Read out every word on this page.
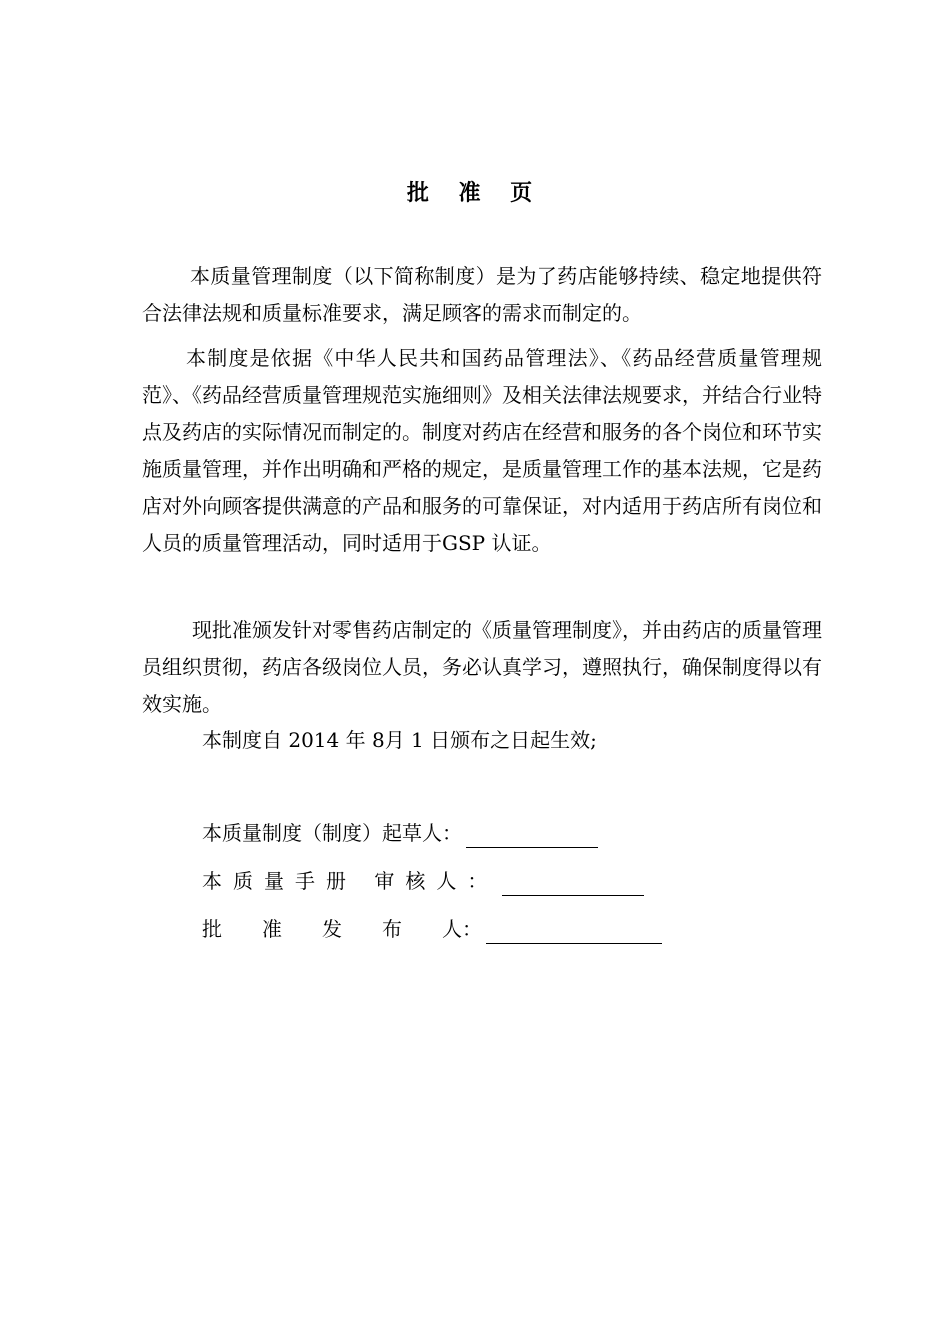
批 准 页

本质量管理制度（以下简称制度）是为了药店能够持续、稳定地提供符合法律法规和质量标准要求，满足顾客的需求而制定的。

本制度是依据《中华人民共和国药品管理法》、《药品经营质量管理规范》、《药品经营质量管理规范实施细则》及相关法律法规要求，并结合行业特点及药店的实际情况而制定的。制度对药店在经营和服务的各个岗位和环节实施质量管理，并作出明确和严格的规定，是质量管理工作的基本法规，它是药店对外向顾客提供满意的产品和服务的可靠保证，对内适用于药店所有岗位和人员的质量管理活动，同时适用于GSP 认证。

现批准颁发针对零售药店制定的《质量管理制度》，并由药店的质量管理员组织贯彻，药店各级岗位人员，务必认真学习，遵照执行，确保制度得以有效实施。

本制度自 2014 年 8月 1 日颁布之日起生效;

本质量制度（制度）起草人：
本质量手册 审核人：
批　　准　　发　　布　　人：
